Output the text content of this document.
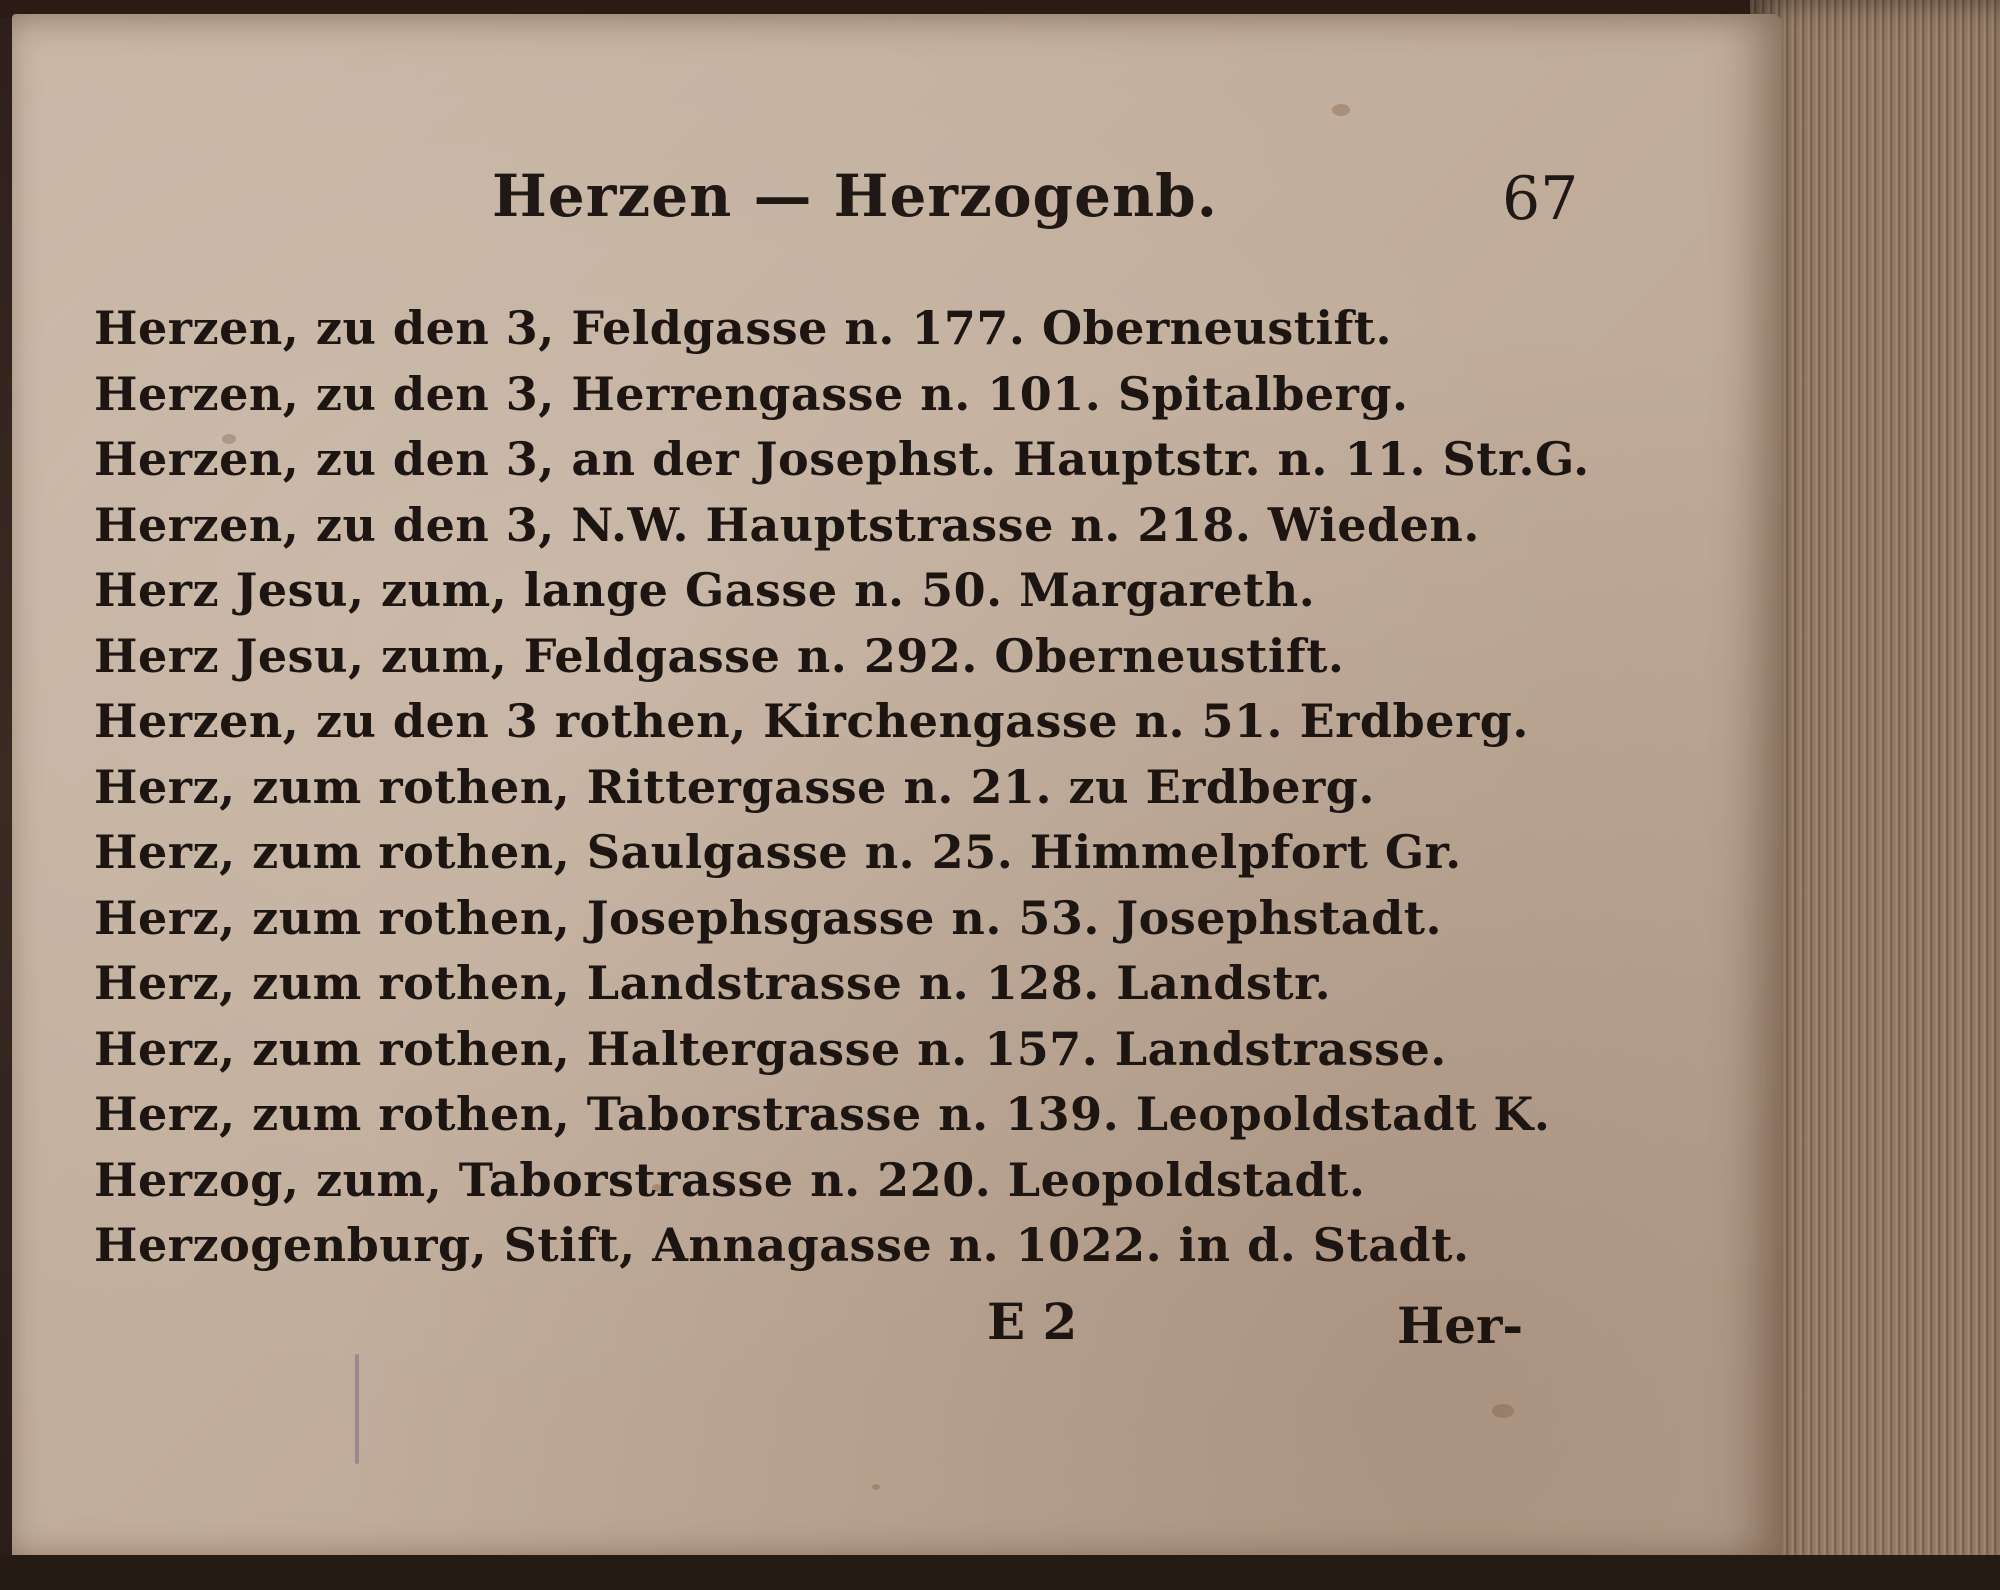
Herzen — Herzogenb.	67
Herzen, zu den 3, Feldgasse n. 177. Oberneustift.
Herzen, zu den 3, Herrengasse n. 101. Spitalberg.
Herzen, zu den 3, an der Josephst. Hauptstr. n. 11. Str.G.
Herzen, zu den 3, N.W. Hauptstrasse n. 218. Wieden.
Herz Jesu, zum, lange Gasse n. 50. Margareth.
Herz Jesu, zum, Feldgasse n. 292. Oberneustift.
Herzen, zu den 3 rothen, Kirchengasse n. 51. Erdberg.
Herz, zum rothen, Rittergasse n. 21. zu Erdberg.
Herz, zum rothen, Saulgasse n. 25. Himmelpfort Gr.
Herz, zum rothen, Josephsgasse n. 53. Josephstadt.
Herz, zum rothen, Landstrasse n. 128. Landstr.
Herz, zum rothen, Haltergasse n. 157. Landstrasse.
Herz, zum rothen, Taborstrasse n. 139. Leopoldstadt K.
Herzog, zum, Taborstrasse n. 220. Leopoldstadt.
Herzogenburg, Stift, Annagasse n. 1022. in d. Stadt.
E 2	Her-
